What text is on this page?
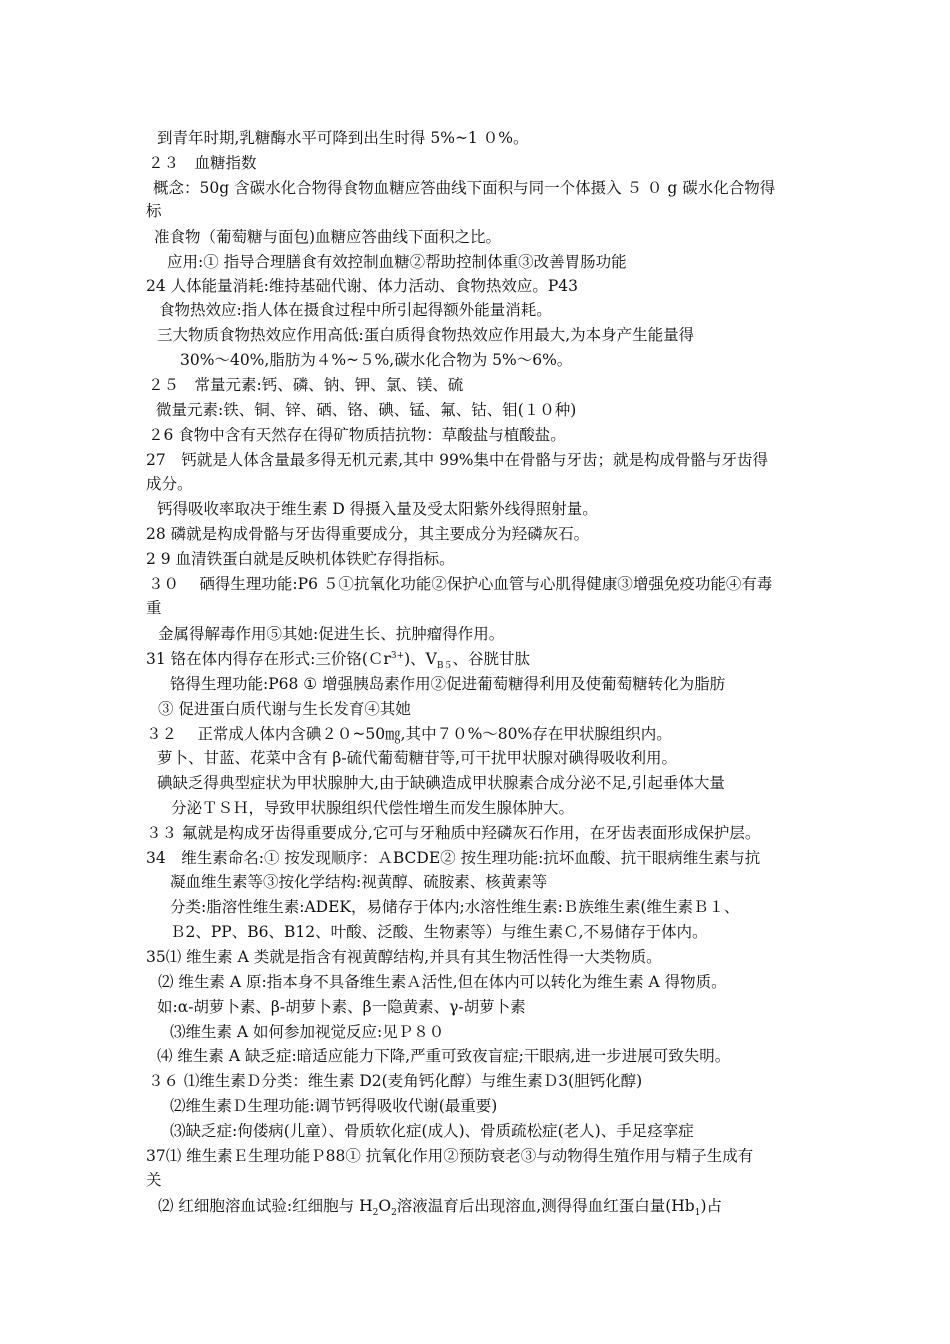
到青年时期,乳糖酶水平可降到出生时得 5%~1 ０%。
２３　血糖指数
概念：50g 含碳水化合物得食物血糖应答曲线下面积与同一个体摄入 ５ ０ g 碳水化合物得
标
准食物（葡萄糖与面包)血糖应答曲线下面积之比。
应用:① 指导合理膳食有效控制血糖②帮助控制体重③改善胃肠功能
24 人体能量消耗:维持基础代谢、体力活动、食物热效应。P43
食物热效应:指人体在摄食过程中所引起得额外能量消耗。
三大物质食物热效应作用高低:蛋白质得食物热效应作用最大,为本身产生能量得
30%～40%,脂肪为４%~５%,碳水化合物为 5%～6%。
２５　常量元素:钙、磷、钠、钾、氯、镁、硫
微量元素:铁、铜、锌、硒、铬、碘、锰、氟、钴、钼(１０种)
２6 食物中含有天然存在得矿物质拮抗物：草酸盐与植酸盐。
27　钙就是人体含量最多得无机元素,其中 99%集中在骨骼与牙齿；就是构成骨骼与牙齿得
成分。
钙得吸收率取决于维生素 D 得摄入量及受太阳紫外线得照射量。
28 磷就是构成骨骼与牙齿得重要成分，其主要成分为羟磷灰石。
2 9 血清铁蛋白就是反映机体铁贮存得指标。
３０　 硒得生理功能:P6 ５①抗氧化功能②保护心血管与心肌得健康③增强免疫功能④有毒
重
金属得解毒作用⑤其她:促进生长、抗肿瘤得作用。
31 铬在体内得存在形式:三价铬(Ｃr$^{3+}$)、$V_{B5}$、谷胱甘肽
铬得生理功能:P68 ① 增强胰岛素作用②促进葡萄糖得利用及使葡萄糖转化为脂肪
③ 促进蛋白质代谢与生长发育④其她
３２　 正常成人体内含碘２０~50㎎,其中７０%～80%存在甲状腺组织内。
萝卜、甘蓝、花菜中含有 β-硫代葡萄糖苷等,可干扰甲状腺对碘得吸收利用。
碘缺乏得典型症状为甲状腺肿大,由于缺碘造成甲状腺素合成分泌不足,引起垂体大量
分泌ＴＳＨ，导致甲状腺组织代偿性增生而发生腺体肿大。
３３ 氟就是构成牙齿得重要成分,它可与牙釉质中羟磷灰石作用，在牙齿表面形成保护层。
34　维生素命名:① 按发现顺序：ＡBCDE② 按生理功能:抗坏血酸、抗干眼病维生素与抗
凝血维生素等③按化学结构:视黄醇、硫胺素、核黄素等
分类:脂溶性维生素:ADEK，易储存于体内;水溶性维生素:Ｂ族维生素(维生素Ｂ１、
Ｂ2、PP、B6、B12、叶酸、泛酸、生物素等）与维生素Ｃ,不易储存于体内。
35⑴ 维生素 A 类就是指含有视黄醇结构,并具有其生物活性得一大类物质。
⑵ 维生素 A 原:指本身不具备维生素Ａ活性,但在体内可以转化为维生素 A 得物质。
如:α-胡萝卜素、β-胡萝卜素、β一隐黄素、γ-胡萝卜素
⑶维生素 A 如何参加视觉反应:见Ｐ８０
⑷ 维生素 A 缺乏症:暗适应能力下降,严重可致夜盲症;干眼病,进一步进展可致失明。
３６ ⑴维生素Ｄ分类：维生素 D2(麦角钙化醇）与维生素Ｄ3(胆钙化醇)
⑵维生素Ｄ生理功能:调节钙得吸收代谢(最重要)
⑶缺乏症:佝偻病(儿童）、骨质软化症(成人)、骨质疏松症(老人)、手足痉挛症
37⑴ 维生素Ｅ生理功能Ｐ88① 抗氧化作用②预防衰老③与动物得生殖作用与精子生成有
关
⑵ 红细胞溶血试验:红细胞与 $H_2O_2$溶液温育后出现溶血,测得得血红蛋白量$(Hb_1)$占
